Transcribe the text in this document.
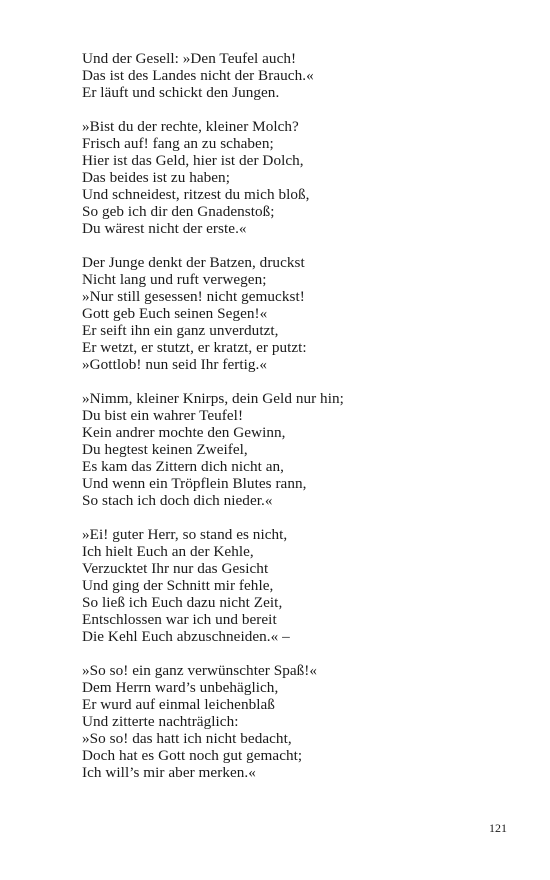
Und der Gesell: »Den Teufel auch!
Das ist des Landes nicht der Brauch.«
Er läuft und schickt den Jungen.
»Bist du der rechte, kleiner Molch?
Frisch auf! fang an zu schaben;
Hier ist das Geld, hier ist der Dolch,
Das beides ist zu haben;
Und schneidest, ritzest du mich bloß,
So geb ich dir den Gnadenstoß;
Du wärest nicht der erste.«
Der Junge denkt der Batzen, druckst
Nicht lang und ruft verwegen;
»Nur still gesessen! nicht gemuckst!
Gott geb Euch seinen Segen!«
Er seift ihn ein ganz unverdutzt,
Er wetzt, er stutzt, er kratzt, er putzt:
»Gottlob! nun seid Ihr fertig.«
»Nimm, kleiner Knirps, dein Geld nur hin;
Du bist ein wahrer Teufel!
Kein andrer mochte den Gewinn,
Du hegtest keinen Zweifel,
Es kam das Zittern dich nicht an,
Und wenn ein Tröpflein Blutes rann,
So stach ich doch dich nieder.«
»Ei! guter Herr, so stand es nicht,
Ich hielt Euch an der Kehle,
Verzucktet Ihr nur das Gesicht
Und ging der Schnitt mir fehle,
So ließ ich Euch dazu nicht Zeit,
Entschlossen war ich und bereit
Die Kehl Euch abzuschneiden.« –
»So so! ein ganz verwünschter Spaß!«
Dem Herrn ward’s unbehäglich,
Er wurd auf einmal leichenblaß
Und zitterte nachträglich:
»So so! das hatt ich nicht bedacht,
Doch hat es Gott noch gut gemacht;
Ich will’s mir aber merken.«
121
